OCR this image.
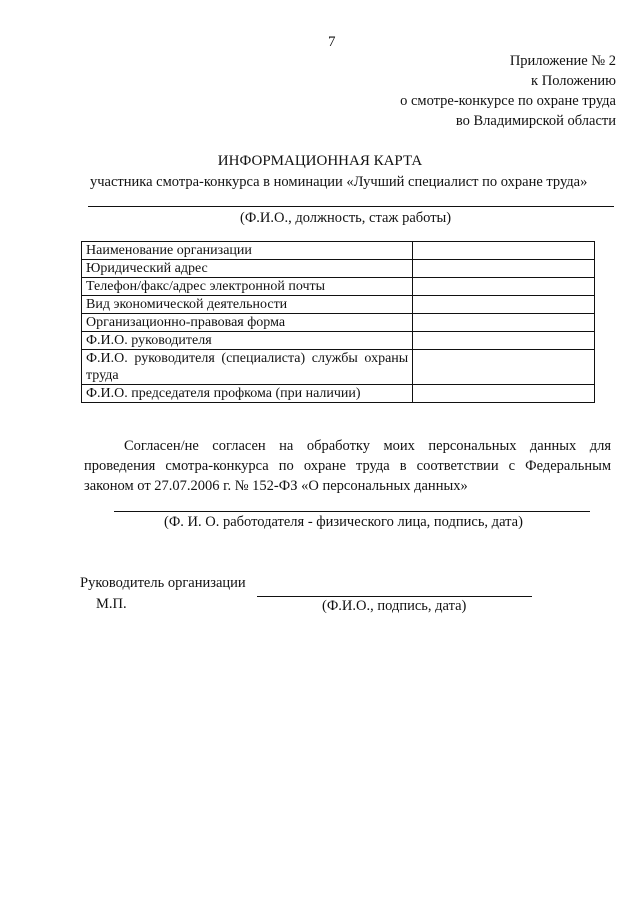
7
Приложение № 2
к Положению
о смотре-конкурсе по охране труда
во Владимирской области
ИНФОРМАЦИОННАЯ КАРТА
участника смотра-конкурса в номинации «Лучший специалист по охране труда»
(Ф.И.О., должность, стаж работы)
Наименование организации	
Юридический адрес	
Телефон/факс/адрес электронной почты	
Вид экономической деятельности	
Организационно-правовая форма	
Ф.И.О. руководителя	
Ф.И.О. руководителя (специалиста) службы охраны труда	
Ф.И.О. председателя профкома (при наличии)	
Согласен/не согласен на обработку моих персональных данных для проведения смотра-конкурса по охране труда в соответствии с Федеральным законом от 27.07.2006 г. № 152-ФЗ «О персональных данных»
(Ф. И. О. работодателя - физического лица, подпись, дата)
Руководитель организации
М.П.	(Ф.И.О., подпись, дата)
